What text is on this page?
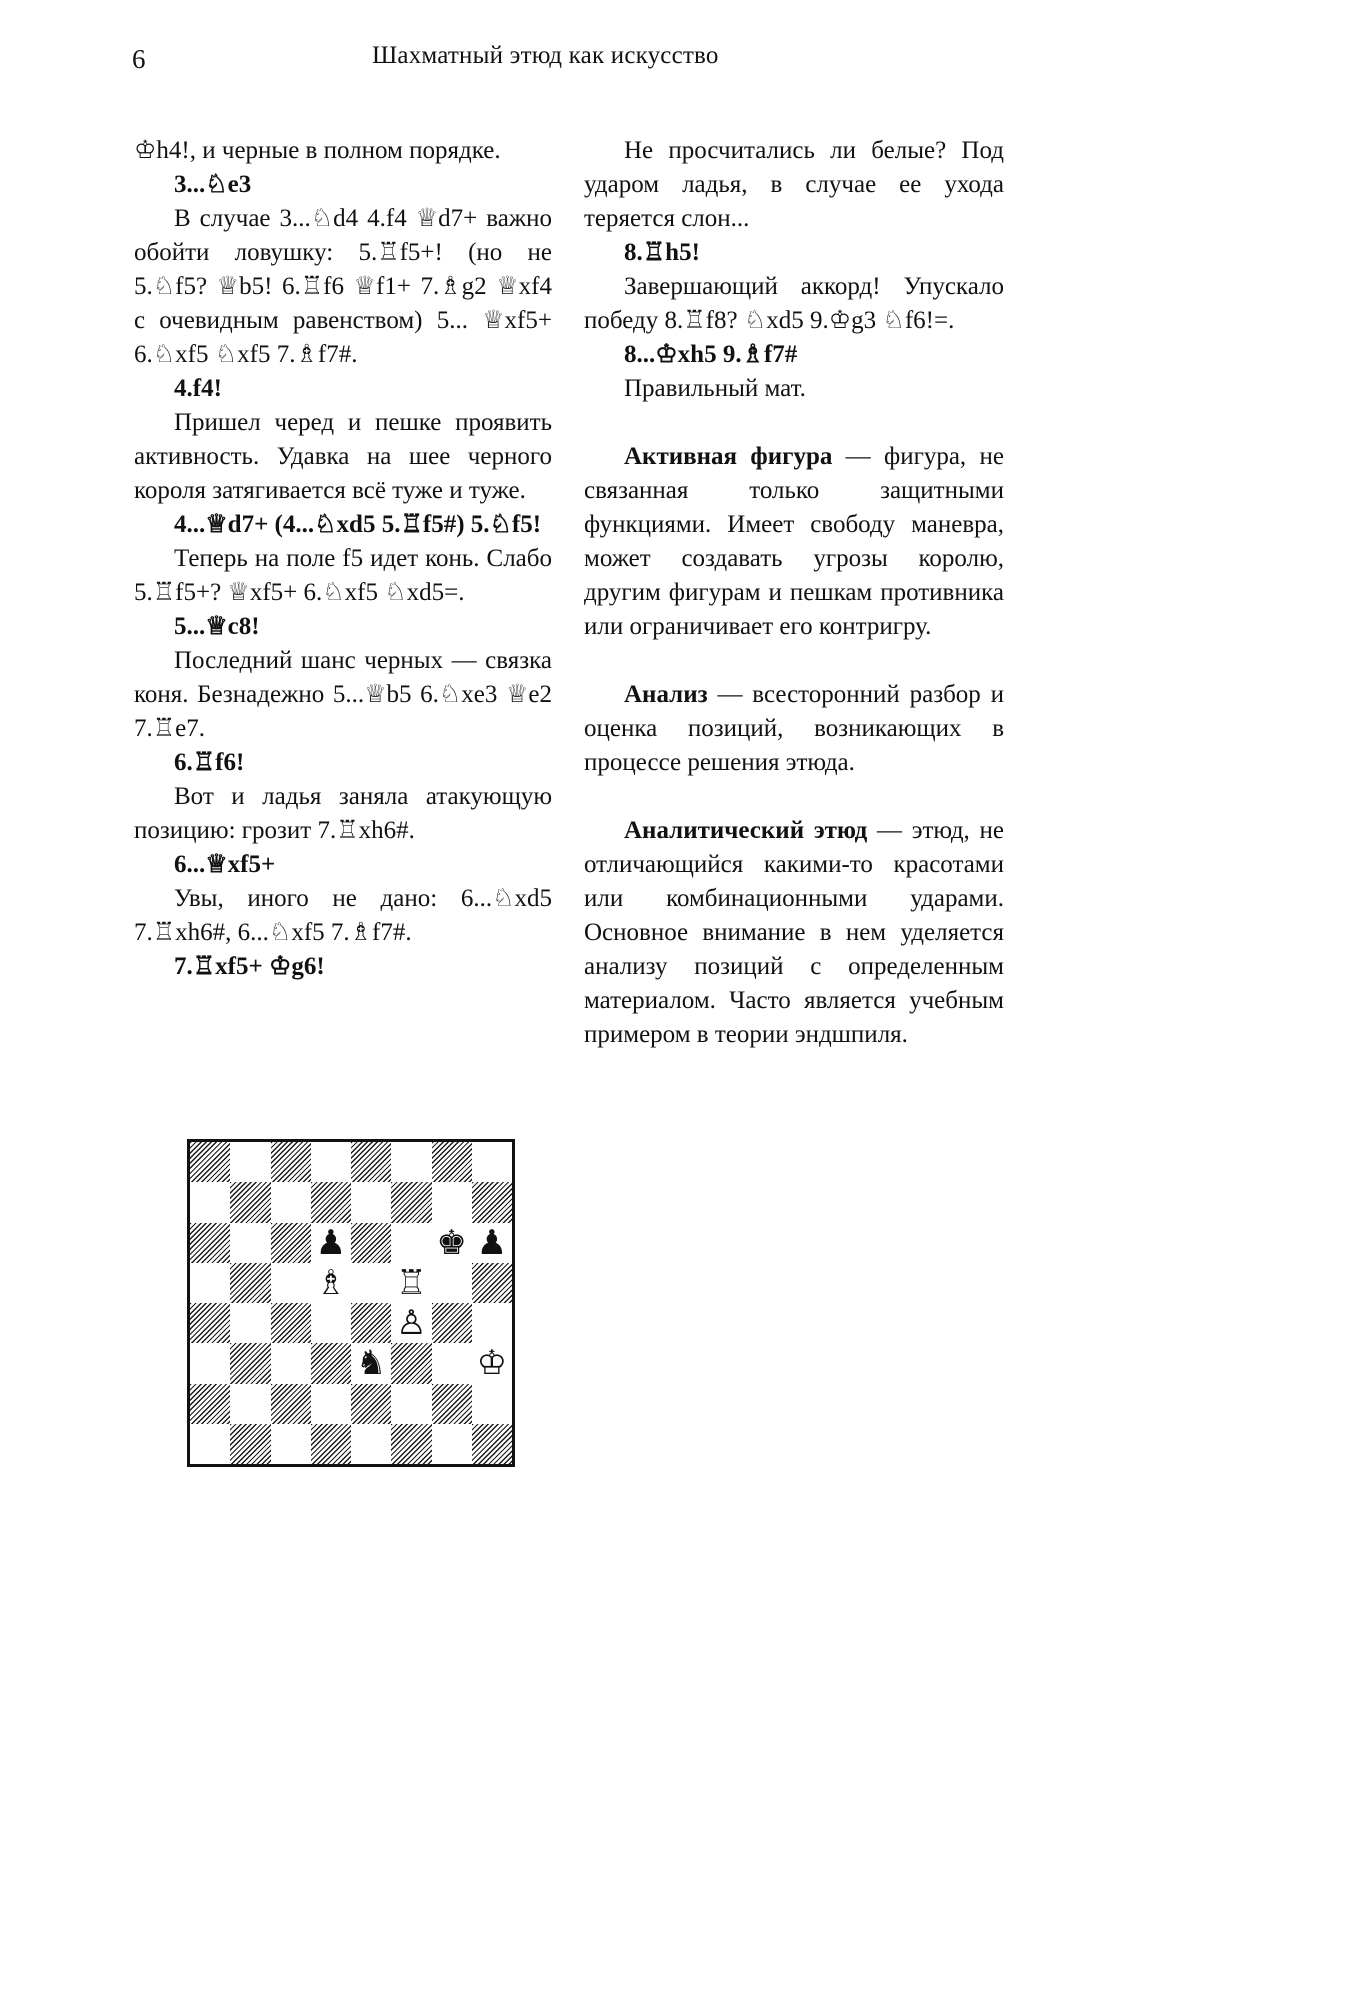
6	Шахматный этюд как искусство

♔h4!, и черные в полном порядке.

3...♘e3

В случае 3...♘d4 4.f4 ♕d7+ важно обойти ловушку: 5.♖f5+! (но не 5.♘f5? ♕b5! 6.♖f6 ♕f1+ 7.♗g2 ♕xf4 с очевидным равенством) 5... ♕xf5+ 6.♘xf5 ♘xf5 7.♗f7#.

4.f4!

Пришел черед и пешке проявить активность. Удавка на шее черного короля затягивается всё туже и туже.

4...♕d7+ (4...♘xd5 5.♖f5#) 5.♘f5!

Теперь на поле f5 идет конь. Слабо 5.♖f5+? ♕xf5+ 6.♘xf5 ♘xd5=.

5...♕c8!

Последний шанс черных — связка коня. Безнадежно 5...♕b5 6.♘xe3 ♕e2 7.♖e7.

6.♖f6!

Вот и ладья заняла атакующую позицию: грозит 7.♖xh6#.

6...♕xf5+

Увы, иного не дано: 6...♘xd5 7.♖xh6#, 6...♘xf5 7.♗f7#.

7.♖xf5+ ♔g6!

Не просчитались ли белые? Под ударом ладья, в случае ее ухода теряется слон...

8.♖h5!

Завершающий аккорд! Упускало победу 8.♖f8? ♘xd5 9.♔g3 ♘f6!=.

8...♔xh5 9.♗f7#

Правильный мат.

Активная фигура — фигура, не связанная только защитными функциями. Имеет свободу маневра, может создавать угрозы королю, другим фигурам и пешкам противника или ограничивает его контригру.

Анализ — всесторонний разбор и оценка позиций, возникающих в процессе решения этюда.

Аналитический этюд — этюд, не отличающийся какими-то красотами или комбинационными ударами. Основное внимание в нем уделяется анализу позиций с определенным материалом. Часто является учебным примером в теории эндшпиля.

♟	♚ ♟
♗ ♖
♙
♞	♔
